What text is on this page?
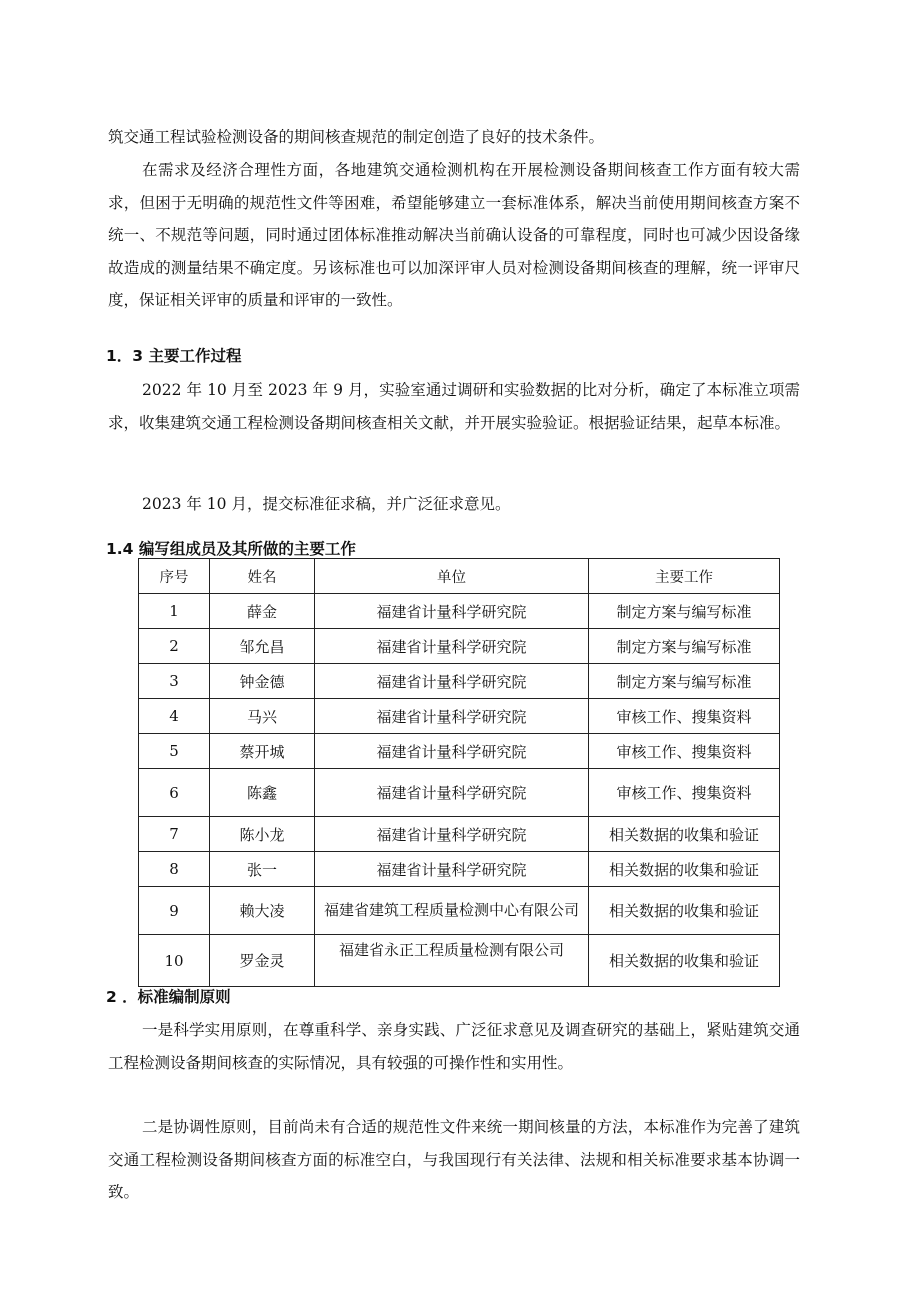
筑交通工程试验检测设备的期间核查规范的制定创造了良好的技术条件。

在需求及经济合理性方面，各地建筑交通检测机构在开展检测设备期间核查工作方面有较大需求，但困于无明确的规范性文件等困难，希望能够建立一套标准体系，解决当前使用期间核查方案不统一、不规范等问题，同时通过团体标准推动解决当前确认设备的可靠程度，同时也可减少因设备缘故造成的测量结果不确定度。另该标准也可以加深评审人员对检测设备期间核查的理解，统一评审尺度，保证相关评审的质量和评审的一致性。

1．3 主要工作过程

2022 年 10 月至 2023 年 9 月，实验室通过调研和实验数据的比对分析，确定了本标准立项需求，收集建筑交通工程检测设备期间核查相关文献，并开展实验验证。根据验证结果，起草本标准。

2023 年 10 月，提交标准征求稿，并广泛征求意见。

1.4 编写组成员及其所做的主要工作
序号	姓名	单位	主要工作
1	薛金	福建省计量科学研究院	制定方案与编写标准
2	邹允昌	福建省计量科学研究院	制定方案与编写标准
3	钟金德	福建省计量科学研究院	制定方案与编写标准
4	马兴	福建省计量科学研究院	审核工作、搜集资料
5	蔡开城	福建省计量科学研究院	审核工作、搜集资料
6	陈鑫	福建省计量科学研究院	审核工作、搜集资料
7	陈小龙	福建省计量科学研究院	相关数据的收集和验证
8	张一	福建省计量科学研究院	相关数据的收集和验证
9	赖大凌	福建省建筑工程质量检测中心有限公司	相关数据的收集和验证
10	罗金灵	福建省永正工程质量检测有限公司	相关数据的收集和验证
2 ．标准编制原则

一是科学实用原则，在尊重科学、亲身实践、广泛征求意见及调查研究的基础上，紧贴建筑交通工程检测设备期间核查的实际情况，具有较强的可操作性和实用性。

二是协调性原则，目前尚未有合适的规范性文件来统一期间核量的方法，本标准作为完善了建筑交通工程检测设备期间核查方面的标准空白，与我国现行有关法律、法规和相关标准要求基本协调一致。
